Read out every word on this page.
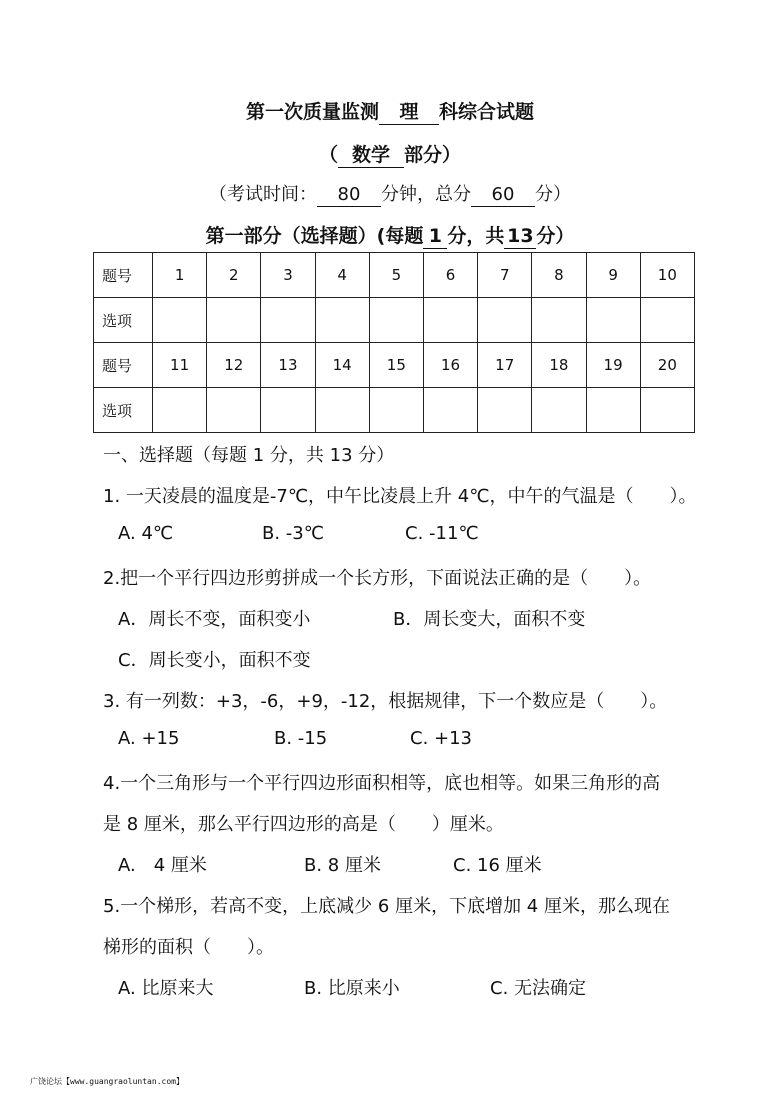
第一次质量监测 理 科综合试题
（ 数学 部分）
（考试时间： 80 分钟，总分 60 分）
第一部分（选择题）(每题 1 分，共 13 分）
题号	1	2	3	4	5	6	7	8	9	10
选项										
题号	11	12	13	14	15	16	17	18	19	20
选项										
一、选择题（每题 1 分，共 13 分）
1. 一天凌晨的温度是-7℃，中午比凌晨上升 4℃，中午的气温是（　　）。
A. 4℃	B. -3℃	C. -11℃
2.把一个平行四边形剪拼成一个长方形，下面说法正确的是（　　）。
A．周长不变，面积变小	B．周长变大，面积不变
C．周长变小，面积不变
3. 有一列数：+3，-6，+9，-12，根据规律，下一个数应是（　　）。
A. +15	B. -15	C. +13
4.一个三角形与一个平行四边形面积相等，底也相等。如果三角形的高
是 8 厘米，那么平行四边形的高是（　　）厘米。
A.　4 厘米	B. 8 厘米	C. 16 厘米
5.一个梯形，若高不变，上底减少 6 厘米，下底增加 4 厘米，那么现在
梯形的面积（　　）。
A. 比原来大	B. 比原来小	C. 无法确定
广饶论坛【www.guangraoluntan.com】
